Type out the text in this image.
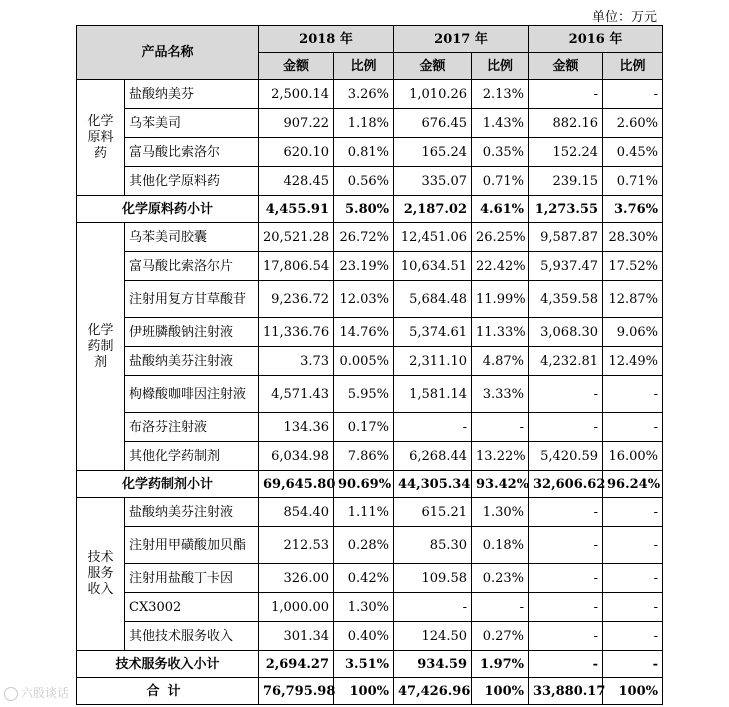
单位：万元
产品名称		2018 年		2017 年		2016 年	
		金额	比例	金额	比例	金额	比例

化学原料药	盐酸纳美芬	2,500.14	3.26%	1,010.26	2.13%	-	-
	乌苯美司	907.22	1.18%	676.45	1.43%	882.16	2.60%
	富马酸比索洛尔	620.10	0.81%	165.24	0.35%	152.24	0.45%
	其他化学原料药	428.45	0.56%	335.07	0.71%	239.15	0.71%
化学原料药小计		4,455.91	5.80%	2,187.02	4.61%	1,273.55	3.76%

化学药制剂	乌苯美司胶囊	20,521.28	26.72%	12,451.06	26.25%	9,587.87	28.30%
	富马酸比索洛尔片	17,806.54	23.19%	10,634.51	22.42%	5,937.47	17.52%
	注射用复方甘草酸苷	9,236.72	12.03%	5,684.48	11.99%	4,359.58	12.87%
	伊班膦酸钠注射液	11,336.76	14.76%	5,374.61	11.33%	3,068.30	9.06%
	盐酸纳美芬注射液	3.73	0.005%	2,311.10	4.87%	4,232.81	12.49%
	枸橼酸咖啡因注射液	4,571.43	5.95%	1,581.14	3.33%	-	-
	布洛芬注射液	134.36	0.17%	-	-	-	-
	其他化学药制剂	6,034.98	7.86%	6,268.44	13.22%	5,420.59	16.00%
化学药制剂小计		69,645.80	90.69%	44,305.34	93.42%	32,606.62	96.24%

技术服务收入	盐酸纳美芬注射液	854.40	1.11%	615.21	1.30%	-	-
	注射用甲磺酸加贝酯	212.53	0.28%	85.30	0.18%	-	-
	注射用盐酸丁卡因	326.00	0.42%	109.58	0.23%	-	-
	CX3002	1,000.00	1.30%	-	-	-	-
	其他技术服务收入	301.34	0.40%	124.50	0.27%	-	-
技术服务收入小计		2,694.27	3.51%	934.59	1.97%	-	-
合计		76,795.98	100%	47,426.96	100%	33,880.17	100%
六股谈话
